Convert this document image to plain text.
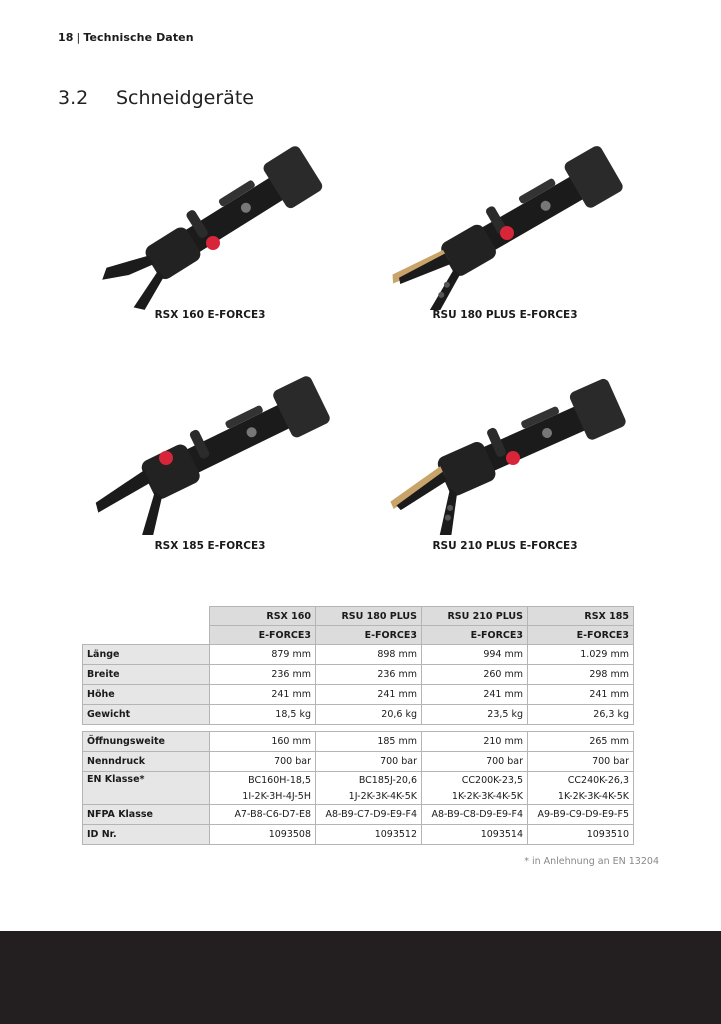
18 | Technische Daten
3.2 Schneidgeräte
RSX 160 E-FORCE3	RSU 180 PLUS E-FORCE3
RSX 185 E-FORCE3	RSU 210 PLUS E-FORCE3
	RSX 160	RSU 180 PLUS	RSU 210 PLUS	RSX 185
	E-FORCE3	E-FORCE3	E-FORCE3	E-FORCE3
Länge	879 mm	898 mm	994 mm	1.029 mm
Breite	236 mm	236 mm	260 mm	298 mm
Höhe	241 mm	241 mm	241 mm	241 mm
Gewicht	18,5 kg	20,6 kg	23,5 kg	26,3 kg

Öffnungsweite	160 mm	185 mm	210 mm	265 mm
Nenndruck	700 bar	700 bar	700 bar	700 bar
EN Klasse*	BC160H-18,5	BC185J-20,6	CC200K-23,5	CC240K-26,3
	1I-2K-3H-4J-5H	1J-2K-3K-4K-5K	1K-2K-3K-4K-5K	1K-2K-3K-4K-5K
NFPA Klasse	A7-B8-C6-D7-E8	A8-B9-C7-D9-E9-F4	A8-B9-C8-D9-E9-F4	A9-B9-C9-D9-E9-F5
ID Nr.	1093508	1093512	1093514	1093510
* in Anlehnung an EN 13204
